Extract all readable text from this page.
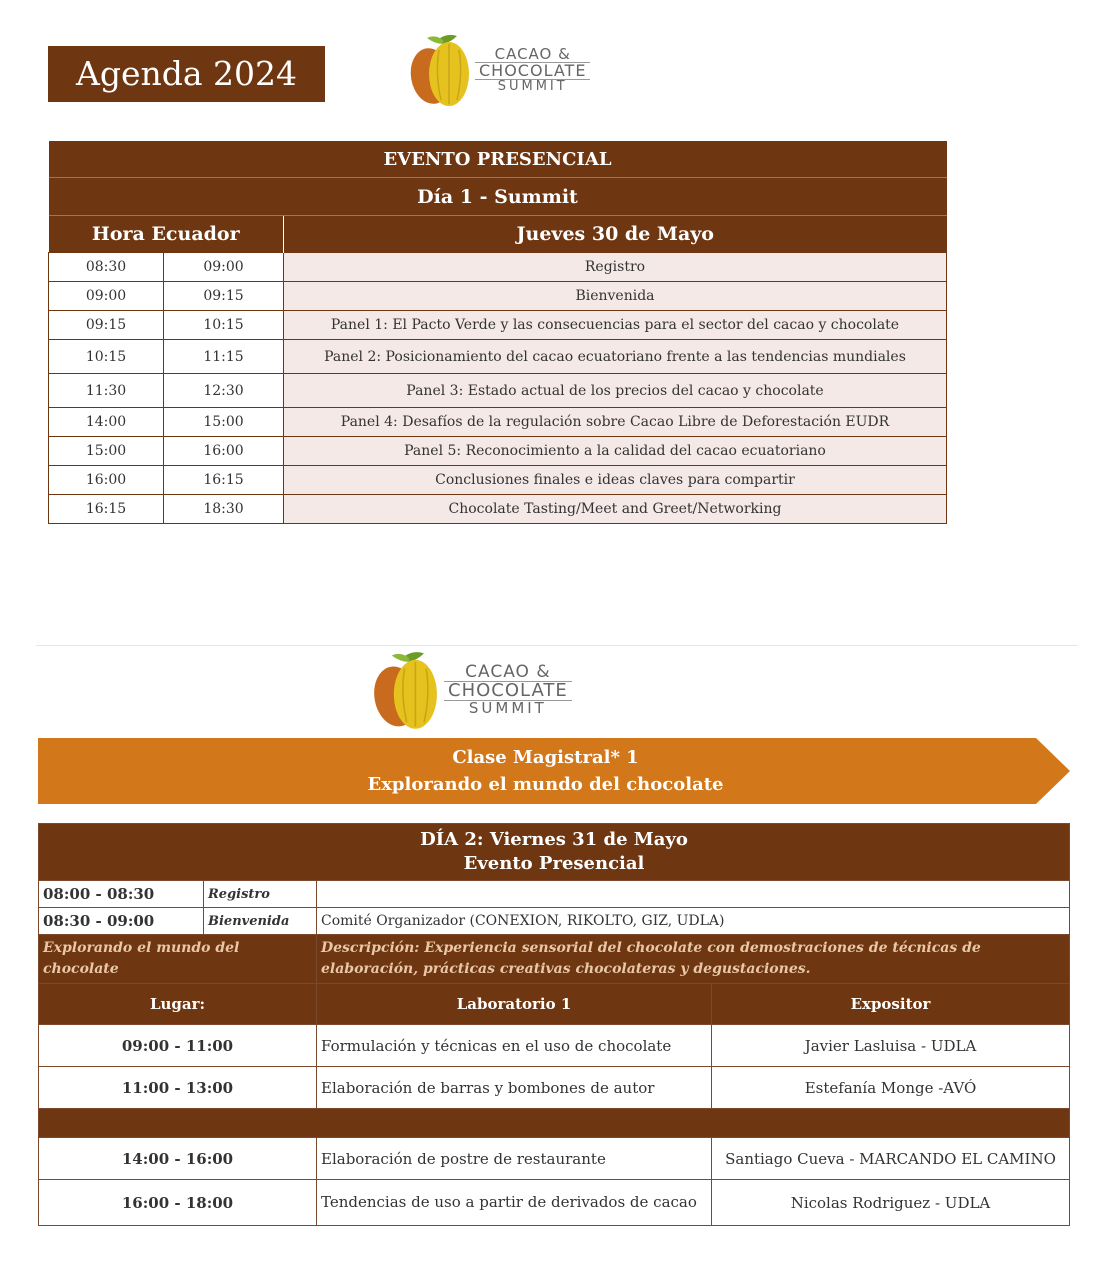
Agenda 2024	CACAO &
CHOCOLATE
SUMMIT
EVENTO PRESENCIAL		
Día 1 - Summit		
Hora Ecuador		Jueves 30 de Mayo
08:30	09:00	Registro
09:00	09:15	Bienvenida
09:15	10:15	Panel 1: El Pacto Verde y las consecuencias para el sector del cacao y chocolate
10:15	11:15	Panel 2: Posicionamiento del cacao ecuatoriano frente a las tendencias mundiales
11:30	12:30	Panel 3: Estado actual de los precios del cacao y chocolate
14:00	15:00	Panel 4: Desafíos de la regulación sobre Cacao Libre de Deforestación EUDR
15:00	16:00	Panel 5: Reconocimiento a la calidad del cacao ecuatoriano
16:00	16:15	Conclusiones finales e ideas claves para compartir
16:15	18:30	Chocolate Tasting/Meet and Greet/Networking
CACAO &
CHOCOLATE
SUMMIT
Clase Magistral* 1
Explorando el mundo del chocolate
DÍA 2: Viernes 31 de Mayo
Evento Presencial			

08:00 - 08:30	Registro		
08:30 - 09:00	Bienvenida	Comité Organizador (CONEXION, RIKOLTO, GIZ, UDLA)	
Explorando el mundo del chocolate		Descripción: Experiencia sensorial del chocolate con demostraciones de técnicas de elaboración, prácticas creativas chocolateras y degustaciones.	
Lugar:		Laboratorio 1	Expositor
09:00 - 11:00		Formulación y técnicas en el uso de chocolate	Javier Lasluisa - UDLA
11:00 - 13:00		Elaboración de barras y bombones de autor	Estefanía Monge -AVÓ

14:00 - 16:00		Elaboración de postre de restaurante	Santiago Cueva - MARCANDO EL CAMINO
16:00 - 18:00		Tendencias de uso a partir de derivados de cacao	Nicolas Rodriguez - UDLA
